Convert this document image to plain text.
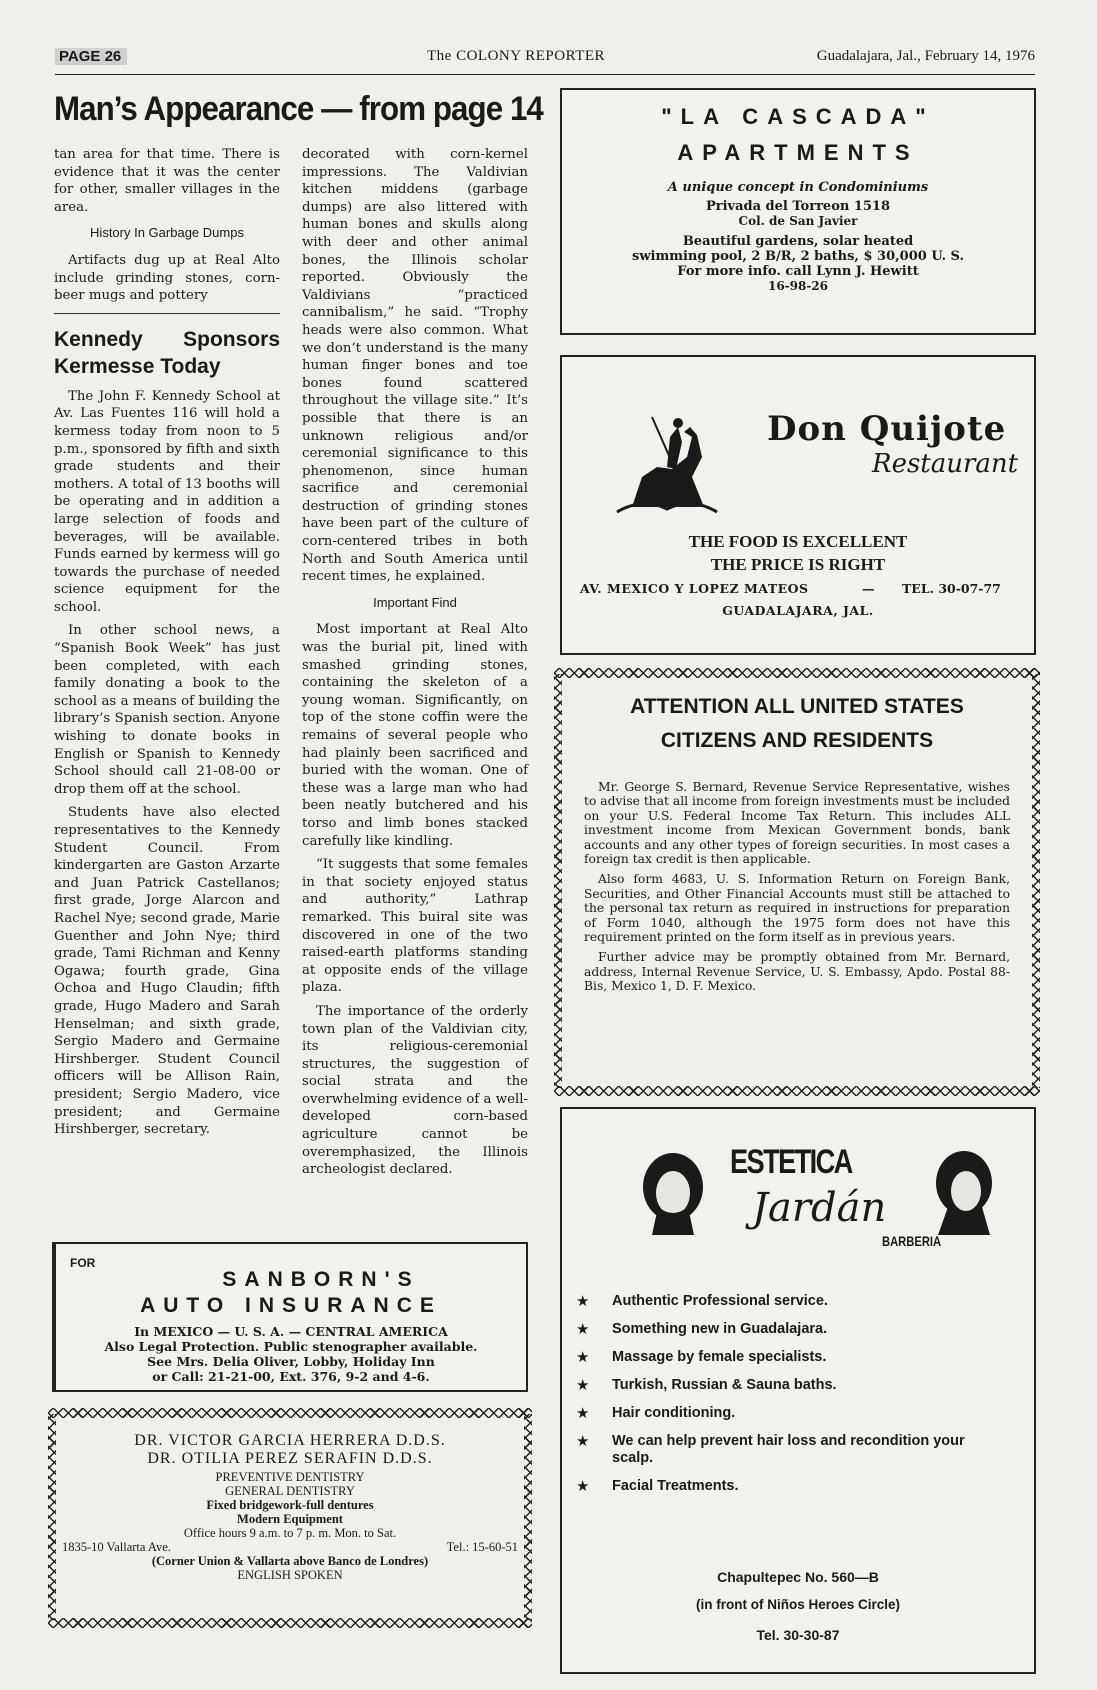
PAGE 26	The COLONY REPORTER	Guadalajara, Jal., February 14, 1976
Man’s Appearance — from page 14

tan area for that time. There is evidence that it was the center for other, smaller villages in the area.

History In Garbage Dumps

Artifacts dug up at Real Alto include grinding stones, corn-beer mugs and pottery

Kennedy Sponsors Kermesse Today

The John F. Kennedy School at Av. Las Fuentes 116 will hold a kermess today from noon to 5 p.m., sponsored by fifth and sixth grade students and their mothers. A total of 13 booths will be operating and in addition a large selection of foods and beverages, will be available. Funds earned by kermess will go towards the purchase of needed science equipment for the school.

In other school news, a “Spanish Book Week” has just been completed, with each family donating a book to the school as a means of building the library’s Spanish section. Anyone wishing to donate books in English or Spanish to Kennedy School should call 21-08-00 or drop them off at the school.

Students have also elected representatives to the Kennedy Student Council. From kindergarten are Gaston Arzarte and Juan Patrick Castellanos; first grade, Jorge Alarcon and Rachel Nye; second grade, Marie Guenther and John Nye; third grade, Tami Richman and Kenny Ogawa; fourth grade, Gina Ochoa and Hugo Claudin; fifth grade, Hugo Madero and Sarah Henselman; and sixth grade, Sergio Madero and Germaine Hirshberger. Student Council officers will be Allison Rain, president; Sergio Madero, vice president; and Germaine Hirshberger, secretary.

decorated with corn-kernel impressions. The Valdivian kitchen middens (garbage dumps) are also littered with human bones and skulls along with deer and other animal bones, the Illinois scholar reported. Obviously the Valdivians “practiced cannibalism,” he said. “Trophy heads were also common. What we don’t understand is the many human finger bones and toe bones found scattered throughout the village site.” It’s possible that there is an unknown religious and/or ceremonial significance to this phenomenon, since human sacrifice and ceremonial destruction of grinding stones have been part of the culture of corn-centered tribes in both North and South America until recent times, he explained.

Important Find

Most important at Real Alto was the burial pit, lined with smashed grinding stones, containing the skeleton of a young woman. Significantly, on top of the stone coffin were the remains of several people who had plainly been sacrificed and buried with the woman. One of these was a large man who had been neatly butchered and his torso and limb bones stacked carefully like kindling.

“It suggests that some females in that society enjoyed status and authority,” Lathrap remarked. This buiral site was discovered in one of the two raised-earth platforms standing at opposite ends of the village plaza.

The importance of the orderly town plan of the Valdivian city, its religious-ceremonial structures, the suggestion of social strata and the overwhelming evidence of a well-developed corn-based agriculture cannot be overemphasized, the Illinois archeologist declared.

"LA CASCADA"
APARTMENTS
A unique concept in Condominiums
Privada del Torreon 1518
Col. de San Javier
Beautiful gardens, solar heated
swimming pool, 2 B/R, 2 baths, $ 30,000 U. S.
For more info. call Lynn J. Hewitt
16-98-26
Don Quijote
Restaurant
THE FOOD IS EXCELLENT
THE PRICE IS RIGHT
AV. MEXICO Y LOPEZ MATEOS	— TEL. 30-07-77
GUADALAJARA, JAL.
ATTENTION ALL UNITED STATES CITIZENS AND RESIDENTS

Mr. George S. Bernard, Revenue Service Representative, wishes to advise that all income from foreign investments must be included on your U.S. Federal Income Tax Return. This includes ALL investment income from Mexican Government bonds, bank accounts and any other types of foreign securities. In most cases a foreign tax credit is then applicable.

Also form 4683, U. S. Information Return on Foreign Bank, Securities, and Other Financial Accounts must still be attached to the personal tax return as required in instructions for preparation of Form 1040, although the 1975 form does not have this requirement printed on the form itself as in previous years.

Further advice may be promptly obtained from Mr. Bernard, address, Internal Revenue Service, U. S. Embassy, Apdo. Postal 88-Bis, Mexico 1, D. F. Mexico.

ESTETICA
Jardán
BARBERIA
★	Authentic Professional service.
★	Something new in Guadalajara.
★	Massage by female specialists.
★	Turkish, Russian & Sauna baths.
★	Hair conditioning.
★	We can help prevent hair loss and recondition your scalp.
★	Facial Treatments.
Chapultepec No. 560—B
(in front of Niños Heroes Circle)
Tel. 30-30-87
FOR
SANBORN'S
AUTO INSURANCE
In MEXICO — U. S. A. — CENTRAL AMERICA
Also Legal Protection. Public stenographer available.
See Mrs. Delia Oliver, Lobby, Holiday Inn
or Call: 21-21-00, Ext. 376, 9-2 and 4-6.
DR. VICTOR GARCIA HERRERA D.D.S.
DR. OTILIA PEREZ SERAFIN D.D.S.
PREVENTIVE DENTISTRY
GENERAL DENTISTRY
Fixed bridgework-full dentures
Modern Equipment
Office hours 9 a.m. to 7 p. m. Mon. to Sat.
1835-10 Vallarta Ave.	Tel.: 15-60-51
(Corner Union & Vallarta above Banco de Londres)
ENGLISH SPOKEN
